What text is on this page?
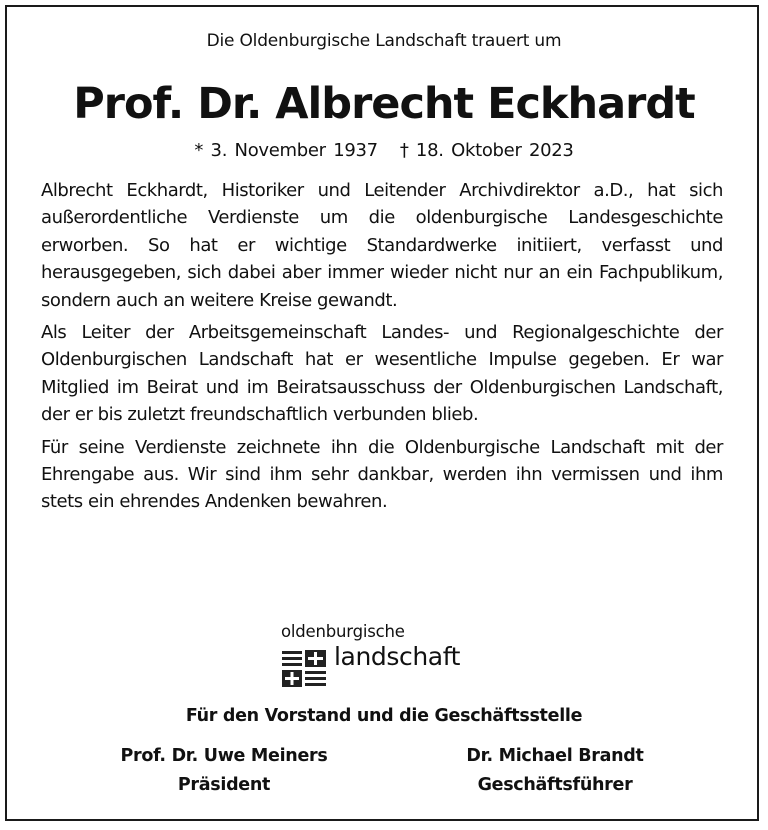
Die Oldenburgische Landschaft trauert um
Prof. Dr. Albrecht Eckhardt
* 3. November 1937 † 18. Oktober 2023

Albrecht Eckhardt, Historiker und Leitender Archivdirektor a.D., hat sich außerordentliche Verdienste um die oldenburgische Landesgeschichte erworben. So hat er wichtige Standardwerke initiiert, verfasst und herausgegeben, sich dabei aber immer wieder nicht nur an ein Fachpublikum, sondern auch an weitere Kreise gewandt.

Als Leiter der Arbeitsgemeinschaft Landes- und Regionalgeschichte der Oldenburgischen Landschaft hat er wesentliche Impulse gegeben. Er war Mitglied im Beirat und im Beiratsausschuss der Oldenburgischen Landschaft, der er bis zuletzt freundschaftlich verbunden blieb.

Für seine Verdienste zeichnete ihn die Oldenburgische Landschaft mit der Ehrengabe aus. Wir sind ihm sehr dankbar, werden ihn vermissen und ihm stets ein ehrendes Andenken bewahren.

oldenburgische
landschaft
Für den Vorstand und die Geschäftsstelle
Prof. Dr. Uwe Meiners
Präsident
Dr. Michael Brandt
Geschäftsführer
